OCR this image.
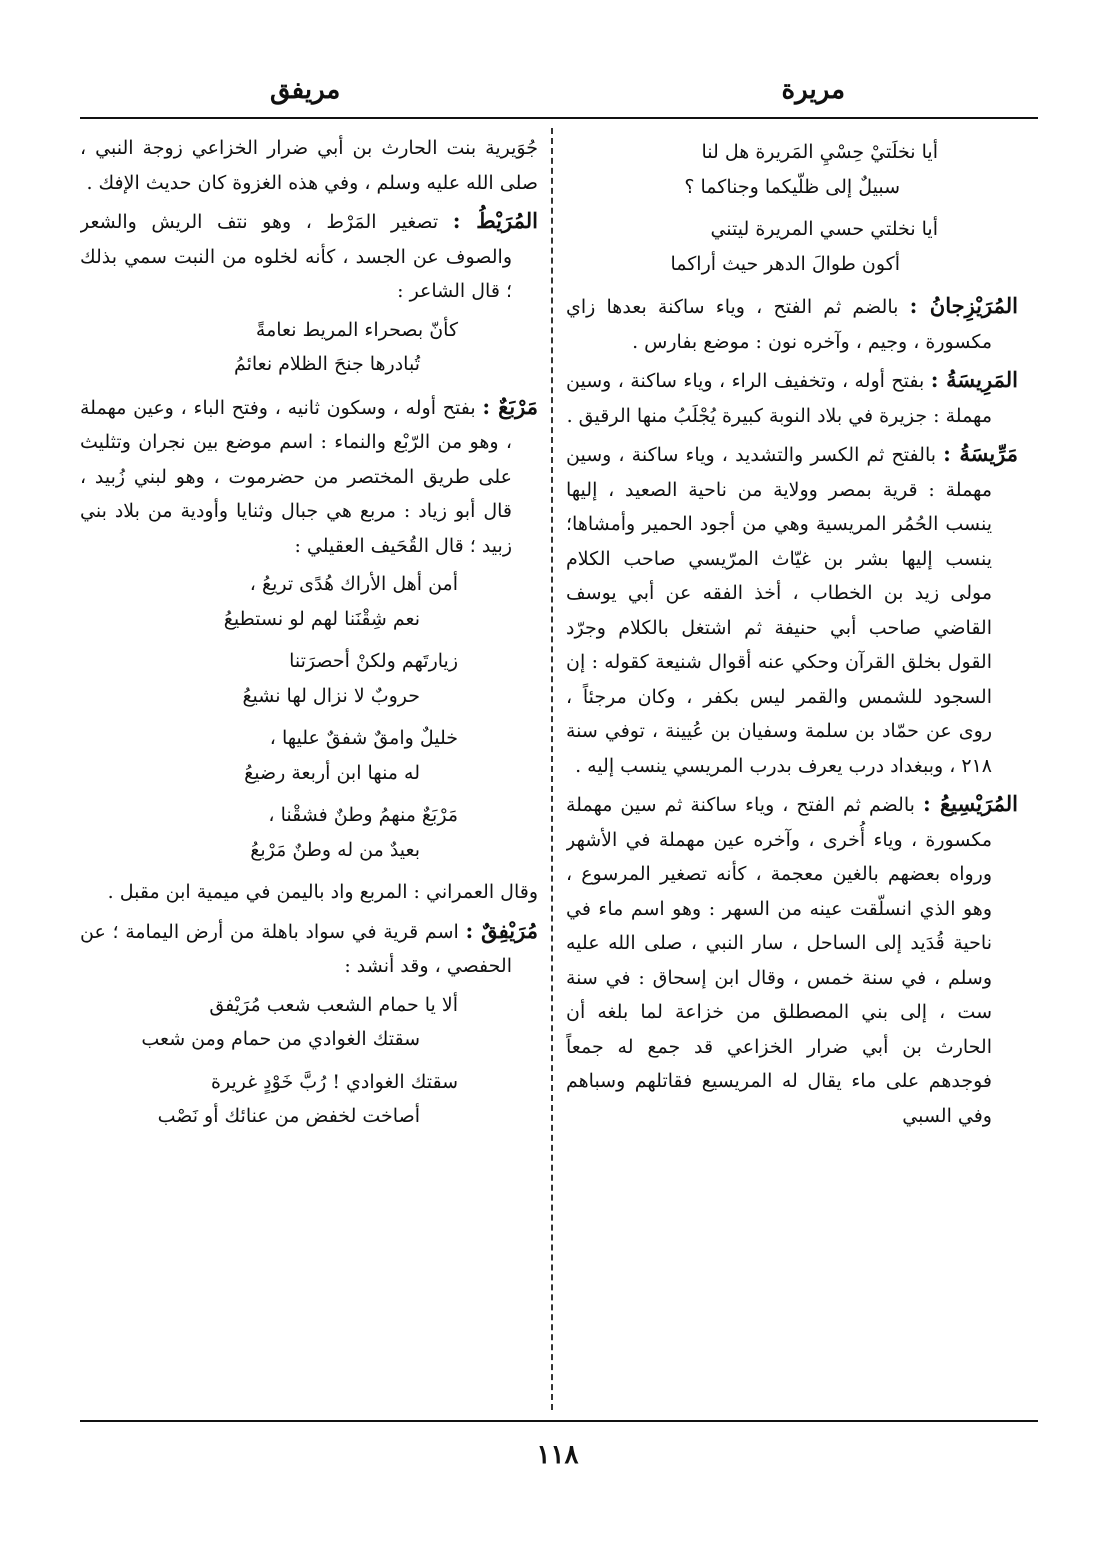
مريرة
مريفق
أيا نخلَتيْ حِسْيِ المَريرة هل لنا
سبيلٌ إلى ظلّيكما وجناكما ؟
أيا نخلتي حسي المريرة ليتني
أكون طوالَ الدهر حيث أراكما

المُرَيْزِجانُ : بالضم ثم الفتح ، وياء ساكنة بعدها زاي مكسورة ، وجيم ، وآخره نون : موضع بفارس .

المَرِيسَةُ : بفتح أوله ، وتخفيف الراء ، وياء ساكنة ، وسين مهملة : جزيرة في بلاد النوبة كبيرة يُجْلَبُ منها الرقيق .

مَرِّيسَةُ : بالفتح ثم الكسر والتشديد ، وياء ساكنة ، وسين مهملة : قرية بمصر وولاية من ناحية الصعيد ، إليها ينسب الحُمُر المريسية وهي من أجود الحمير وأمشاها؛ ينسب إليها بشر بن غيّاث المرّيسي صاحب الكلام مولى زيد بن الخطاب ، أخذ الفقه عن أبي يوسف القاضي صاحب أبي حنيفة ثم اشتغل بالكلام وجرّد القول بخلق القرآن وحكي عنه أقوال شنيعة كقوله : إن السجود للشمس والقمر ليس بكفر ، وكان مرجئاً ، روى عن حمّاد بن سلمة وسفيان بن عُيينة ، توفي سنة ٢١٨ ، وببغداد درب يعرف بدرب المريسي ينسب إليه .

المُرَيْسِيعُ : بالضم ثم الفتح ، وياء ساكنة ثم سين مهملة مكسورة ، وياء أُخرى ، وآخره عين مهملة في الأشهر ورواه بعضهم بالغين معجمة ، كأنه تصغير المرسوع ، وهو الذي انسلّقت عينه من السهر : وهو اسم ماء في ناحية قُدَيد إلى الساحل ، سار النبي ، صلى الله عليه وسلم ، في سنة خمس ، وقال ابن إسحاق : في سنة ست ، إلى بني المصطلق من خزاعة لما بلغه أن الحارث بن أبي ضرار الخزاعي قد جمع له جمعاً فوجدهم على ماء يقال له المريسيع فقاتلهم وسباهم وفي السبي

جُوَيرية بنت الحارث بن أبي ضرار الخزاعي زوجة النبي ، صلى الله عليه وسلم ، وفي هذه الغزوة كان حديث الإفك .

المُرَيْطُ : تصغير المَرْط ، وهو نتف الريش والشعر والصوف عن الجسد ، كأنه لخلوه من النبت سمي بذلك ؛ قال الشاعر :

كأنّ بصحراء المريط نعامةً
تُبادرها جنحَ الظلام نعائمُ

مَرْبَعٌ : بفتح أوله ، وسكون ثانيه ، وفتح الباء ، وعين مهملة ، وهو من الرّبْع والنماء : اسم موضع بين نجران وتثليث على طريق المختصر من حضرموت ، وهو لبني زُبيد ، قال أبو زياد : مربع هي جبال وثنايا وأودية من بلاد بني زبيد ؛ قال القُحَيف العقيلي :

أمن أهل الأراك هُدًى تريعُ ،
نعم شِقْنَنا لهم لو نستطيعُ
زيارتَهم ولكنْ أحصرَتنا
حروبٌ لا نزال لها نشيعُ
خليلٌ وامقٌ شفقٌ عليها ،
له منها ابن أربعة رضيعُ
مَرْبَعٌ منهمُ وطنٌ فشقْنا ،
بعيدٌ من له وطنٌ مَرْبعُ

وقال العمراني : المربع واد باليمن في ميمية ابن مقبل .

مُرَيْفِقٌ : اسم قرية في سواد باهلة من أرض اليمامة ؛ عن الحفصي ، وقد أنشد :

ألا يا حمام الشعب شعب مُرَيْفق
سقتك الغوادي من حمام ومن شعب
سقتك الغوادي ! رُبَّ خَوْدٍ غريرة
أصاخت لخفض من عنائك أو نَصْب
١١٨
